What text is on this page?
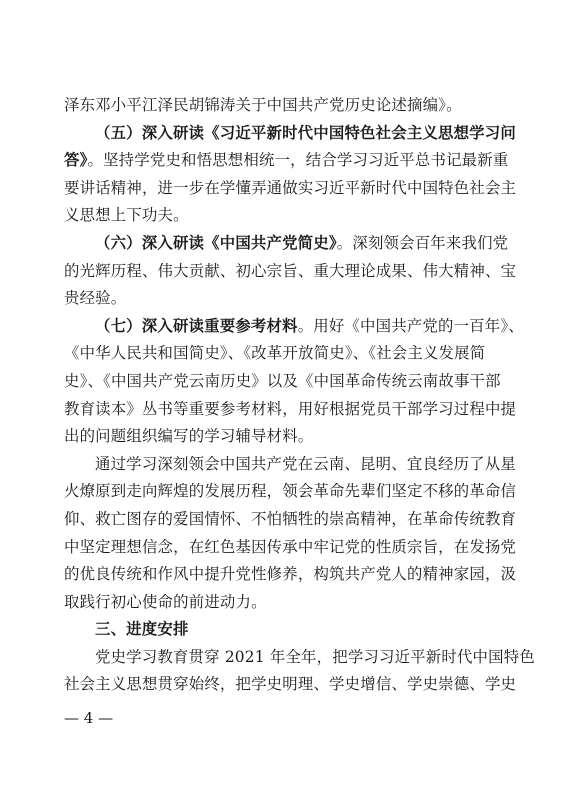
泽东邓小平江泽民胡锦涛关于中国共产党历史论述摘编》。
（五）深入研读《习近平新时代中国特色社会主义思想学习问
答》。坚持学党史和悟思想相统一，结合学习习近平总书记最新重
要讲话精神，进一步在学懂弄通做实习近平新时代中国特色社会主
义思想上下功夫。
（六）深入研读《中国共产党简史》。深刻领会百年来我们党
的光辉历程、伟大贡献、初心宗旨、重大理论成果、伟大精神、宝
贵经验。
（七）深入研读重要参考材料。用好《中国共产党的一百年》、
《中华人民共和国简史》、《改革开放简史》、《社会主义发展简
史》、《中国共产党云南历史》以及《中国革命传统云南故事干部
教育读本》丛书等重要参考材料，用好根据党员干部学习过程中提
出的问题组织编写的学习辅导材料。
通过学习深刻领会中国共产党在云南、昆明、宜良经历了从星
火燎原到走向辉煌的发展历程，领会革命先辈们坚定不移的革命信
仰、救亡图存的爱国情怀、不怕牺牲的崇高精神，在革命传统教育
中坚定理想信念，在红色基因传承中牢记党的性质宗旨，在发扬党
的优良传统和作风中提升党性修养，构筑共产党人的精神家园，汲
取践行初心使命的前进动力。
三、进度安排
党史学习教育贯穿 2021 年全年，把学习习近平新时代中国特色
社会主义思想贯穿始终，把学史明理、学史增信、学史崇德、学史
— 4 —
